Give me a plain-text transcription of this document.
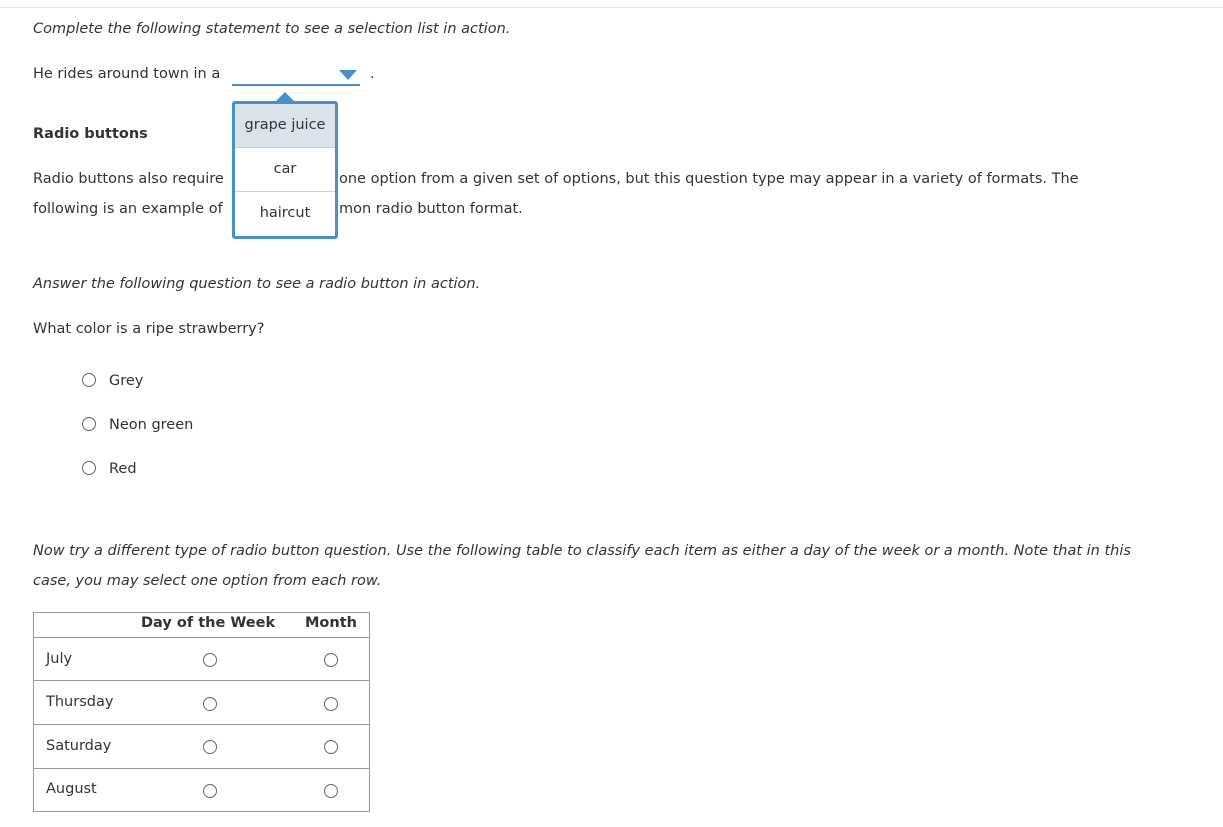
Complete the following statement to see a selection list in action.
He rides around town in a	.
Radio buttons
Radio buttons also require	one option from a given set of options, but this question type may appear in a variety of formats. The
following is an example of	mon radio button format.
grape juice
car
haircut
Answer the following question to see a radio button in action.
What color is a ripe strawberry?
Grey
Neon green
Red
Now try a different type of radio button question. Use the following table to classify each item as either a day of the week or a month. Note that in this
case, you may select one option from each row.
Day of the Week Month
July
Thursday
Saturday
August
